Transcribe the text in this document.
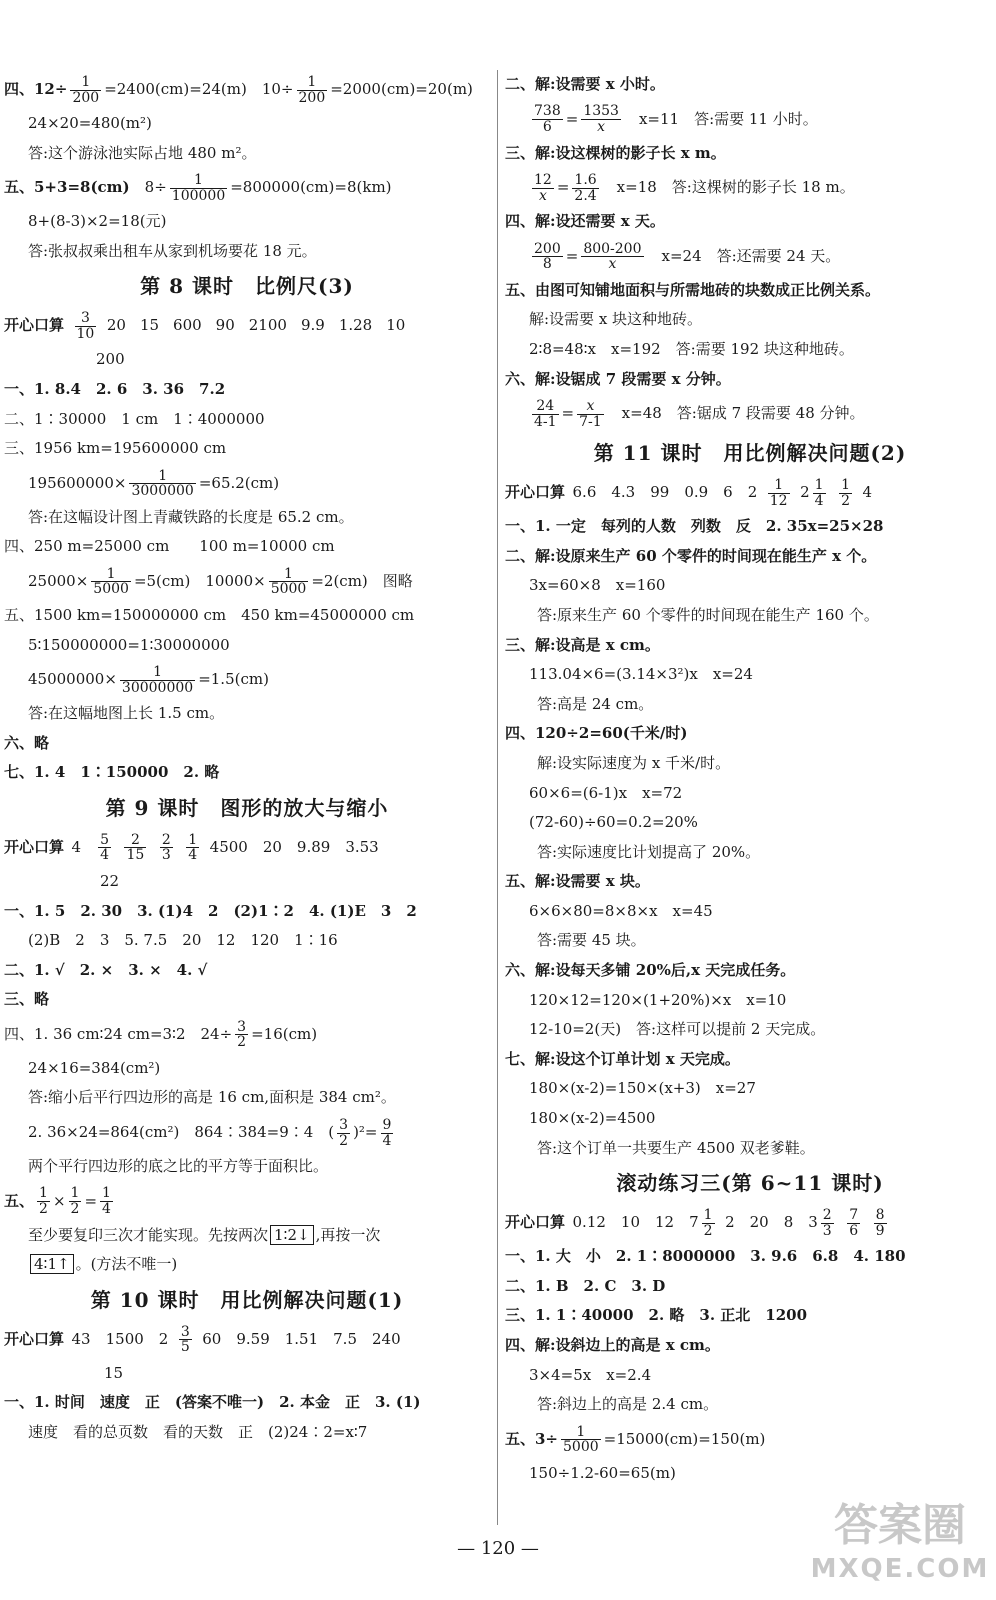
四、$12\div \frac{1}{200} =2400(cm)=24(m)$  $10\div \frac{1}{200} =2000(cm)=20(m)$
24×20=480(m²)
答:这个游泳池实际占地 480 m²。
五、5+3=8(cm)  $8\div \frac{1}{100000} =800000(cm)=8(km)$
8+(8-3)×2=18(元)
答:张叔叔乘出租车从家到机场要花 18 元。
第 8 课时　比例尺(3)
开心口算  $\frac{3}{10}$
  20 15 600 90 2100 9.9 1.28 10
200
一、1. 8.4　2. 6　3. 36　7.2
二、1∶30000　1 cm　1∶4000000
三、1956 km=195600000 cm
$195600000\times \frac{1}{3000000} =65.2(cm)$
答:在这幅设计图上青藏铁路的长度是 65.2 cm。
四、250 m=25000 cm　　100 m=10000 cm
$25000\times \frac{1}{5000} =5(cm)$  $10000\times \frac{1}{5000} =2(cm)$　图略
五、1500 km=150000000 cm　450 km=45000000 cm
5∶150000000=1∶30000000
$45000000\times \frac{1}{30000000} =1.5(cm)$
答:在这幅地图上长 1.5 cm。
六、略
七、1. 4　1∶150000　2. 略
第 9 课时　图形的放大与缩小
开心口算  $4 \frac{5}{4}$
  $\frac{2}{15}$
  $\frac{2}{3}$
  $\frac{1}{4}$
  4500　20　9.89　3.53
22
一、1. 5　2. 30　3. (1)4　2　(2)1∶2　4. (1)E　3　2
(2)B　2　3　5. 7.5　20　12　120　1∶16
二、1. √　2. ×　3. ×　4. √
三、略
四、1. 36 cm∶24 cm=3∶2　$24\div \frac{3}{2} =16(cm)$
24×16=384(cm²)
答:缩小后平行四边形的高是 16 cm,面积是 384 cm²。
2. 36×24=864(cm²)　864∶384=9∶4　( $\frac{3}{2} )^2= \frac{9}{4}$
两个平行四边形的底之比的平方等于面积比。
五、 $\frac{1}{2} \times \frac{1}{2} = \frac{1}{4}$
至少要复印三次才能实现。先按两次 1∶2↓ ,再按一次
4∶1↑ 。(方法不唯一)
第 10 课时　用比例解决问题(1)
开心口算  43　1500　2  $\frac{3}{5}$
  60　9.59　1.51　7.5　240
15
一、1. 时间　速度　正　(答案不唯一)　2. 本金　正　3. (1)
速度　看的总页数　看的天数　正　(2)24∶2=x∶7
二、解:设需要 x 小时。
$\frac{738}{6} = \frac{1353}{x}$
  x=11　答:需要 11 小时。
三、解:设这棵树的影子长 x m。
$\frac{12}{x} = \frac{1.6}{2.4}$
  x=18　答:这棵树的影子长 18 m。
四、解:设还需要 x 天。
$\frac{200}{8} = \frac{800-200}{x}$
  x=24　答:还需要 24 天。
五、由图可知铺地面积与所需地砖的块数成正比例关系。
解:设需要 x 块这种地砖。
2∶8=48∶x　x=192　答:需要 192 块这种地砖。
六、解:设锯成 7 段需要 x 分钟。
$\frac{24}{4-1} = \frac{x}{7-1}$
  x=48　答:锯成 7 段需要 48 分钟。
第 11 课时　用比例解决问题(2)
开心口算  6.6　4.3　99　0.9　6　2  $\frac{1}{12}$  $2 \frac{1}{4}$
  $\frac{1}{2}$  4
一、1. 一定　每列的人数　列数　反　2. 35x=25×28
二、解:设原来生产 60 个零件的时间现在能生产 x 个。
3x=60×8　x=160
答:原来生产 60 个零件的时间现在能生产 160 个。
三、解:设高是 x cm。
113.04×6=(3.14×3²)x　x=24
答:高是 24 cm。
四、120÷2=60(千米/时)
解:设实际速度为 x 千米/时。
60×6=(6-1)x　x=72
(72-60)÷60=0.2=20%
答:实际速度比计划提高了 20%。
五、解:设需要 x 块。
6×6×80=8×8×x　x=45
答:需要 45 块。
六、解:设每天多铺 20%后,x 天完成任务。
120×12=120×(1+20%)×x　x=10
12-10=2(天)　答:这样可以提前 2 天完成。
七、解:设这个订单计划 x 天完成。
180×(x-2)=150×(x+3)　x=27
180×(x-2)=4500
答:这个订单一共要生产 4500 双老爹鞋。
滚动练习三(第 6~11 课时)
开心口算  0.12　10　12　$7 \frac{1}{2}$
  2　20　8　$3 \frac{2}{3}$
  $\frac{7}{6}$
  $\frac{8}{9}$
一、1. 大　小　2. 1∶8000000　3. 9.6　6.8　4. 180
二、1. B　2. C　3. D
三、1. 1∶40000　2. 略　3. 正北　1200
四、解:设斜边上的高是 x cm。
3×4=5x　x=2.4
答:斜边上的高是 2.4 cm。
五、$3\div \frac{1}{5000} =15000(cm)=150(m)$
150÷1.2-60=65(m)
— 120 —	答案圈
MXQE.COM
